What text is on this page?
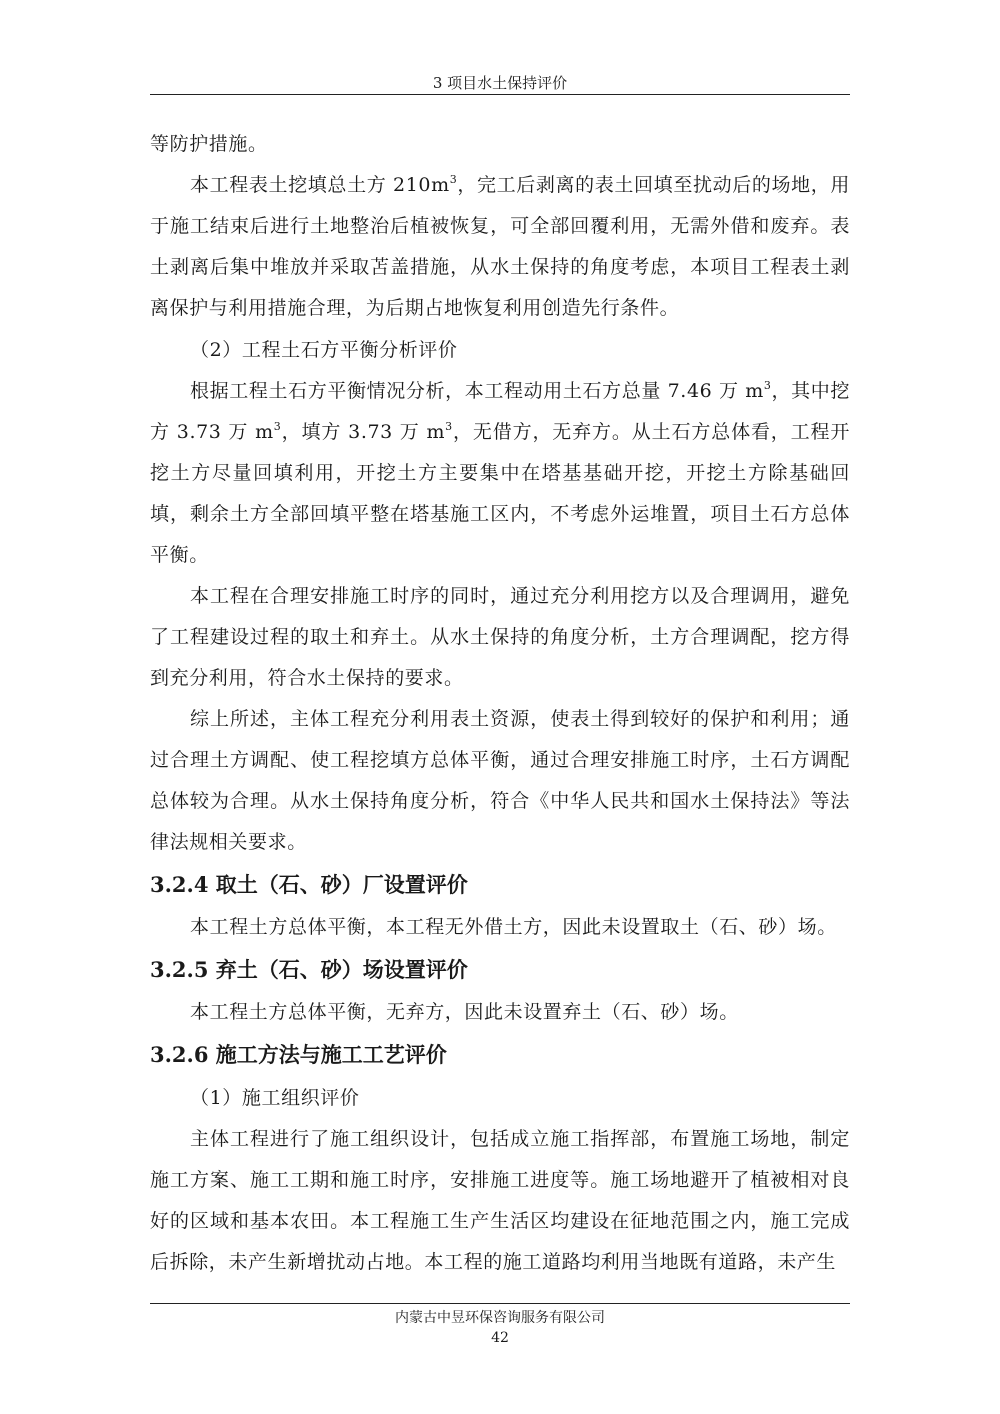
3 项目水土保持评价

等防护措施。

本工程表土挖填总土方 $210m^3$，完工后剥离的表土回填至扰动后的场地，用于施工结束后进行土地整治后植被恢复，可全部回覆利用，无需外借和废弃。表土剥离后集中堆放并采取苫盖措施，从水土保持的角度考虑，本项目工程表土剥离保护与利用措施合理，为后期占地恢复利用创造先行条件。

（2）工程土石方平衡分析评价

根据工程土石方平衡情况分析，本工程动用土石方总量 7.46 万 $m^3$，其中挖方 3.73 万 $m^3$，填方 3.73 万 $m^3$，无借方，无弃方。从土石方总体看，工程开挖土方尽量回填利用，开挖土方主要集中在塔基基础开挖，开挖土方除基础回填，剩余土方全部回填平整在塔基施工区内，不考虑外运堆置，项目土石方总体平衡。

本工程在合理安排施工时序的同时，通过充分利用挖方以及合理调用，避免了工程建设过程的取土和弃土。从水土保持的角度分析，土方合理调配，挖方得到充分利用，符合水土保持的要求。

综上所述，主体工程充分利用表土资源，使表土得到较好的保护和利用；通过合理土方调配、使工程挖填方总体平衡，通过合理安排施工时序，土石方调配总体较为合理。从水土保持角度分析，符合《中华人民共和国水土保持法》等法律法规相关要求。

3.2.4 取土（石、砂）厂设置评价

本工程土方总体平衡，本工程无外借土方，因此未设置取土（石、砂）场。

3.2.5 弃土（石、砂）场设置评价

本工程土方总体平衡，无弃方，因此未设置弃土（石、砂）场。

3.2.6 施工方法与施工工艺评价

（1）施工组织评价

主体工程进行了施工组织设计，包括成立施工指挥部，布置施工场地，制定施工方案、施工工期和施工时序，安排施工进度等。施工场地避开了植被相对良好的区域和基本农田。本工程施工生产生活区均建设在征地范围之内，施工完成后拆除，未产生新增扰动占地。本工程的施工道路均利用当地既有道路，未产生

内蒙古中昱环保咨询服务有限公司
42
